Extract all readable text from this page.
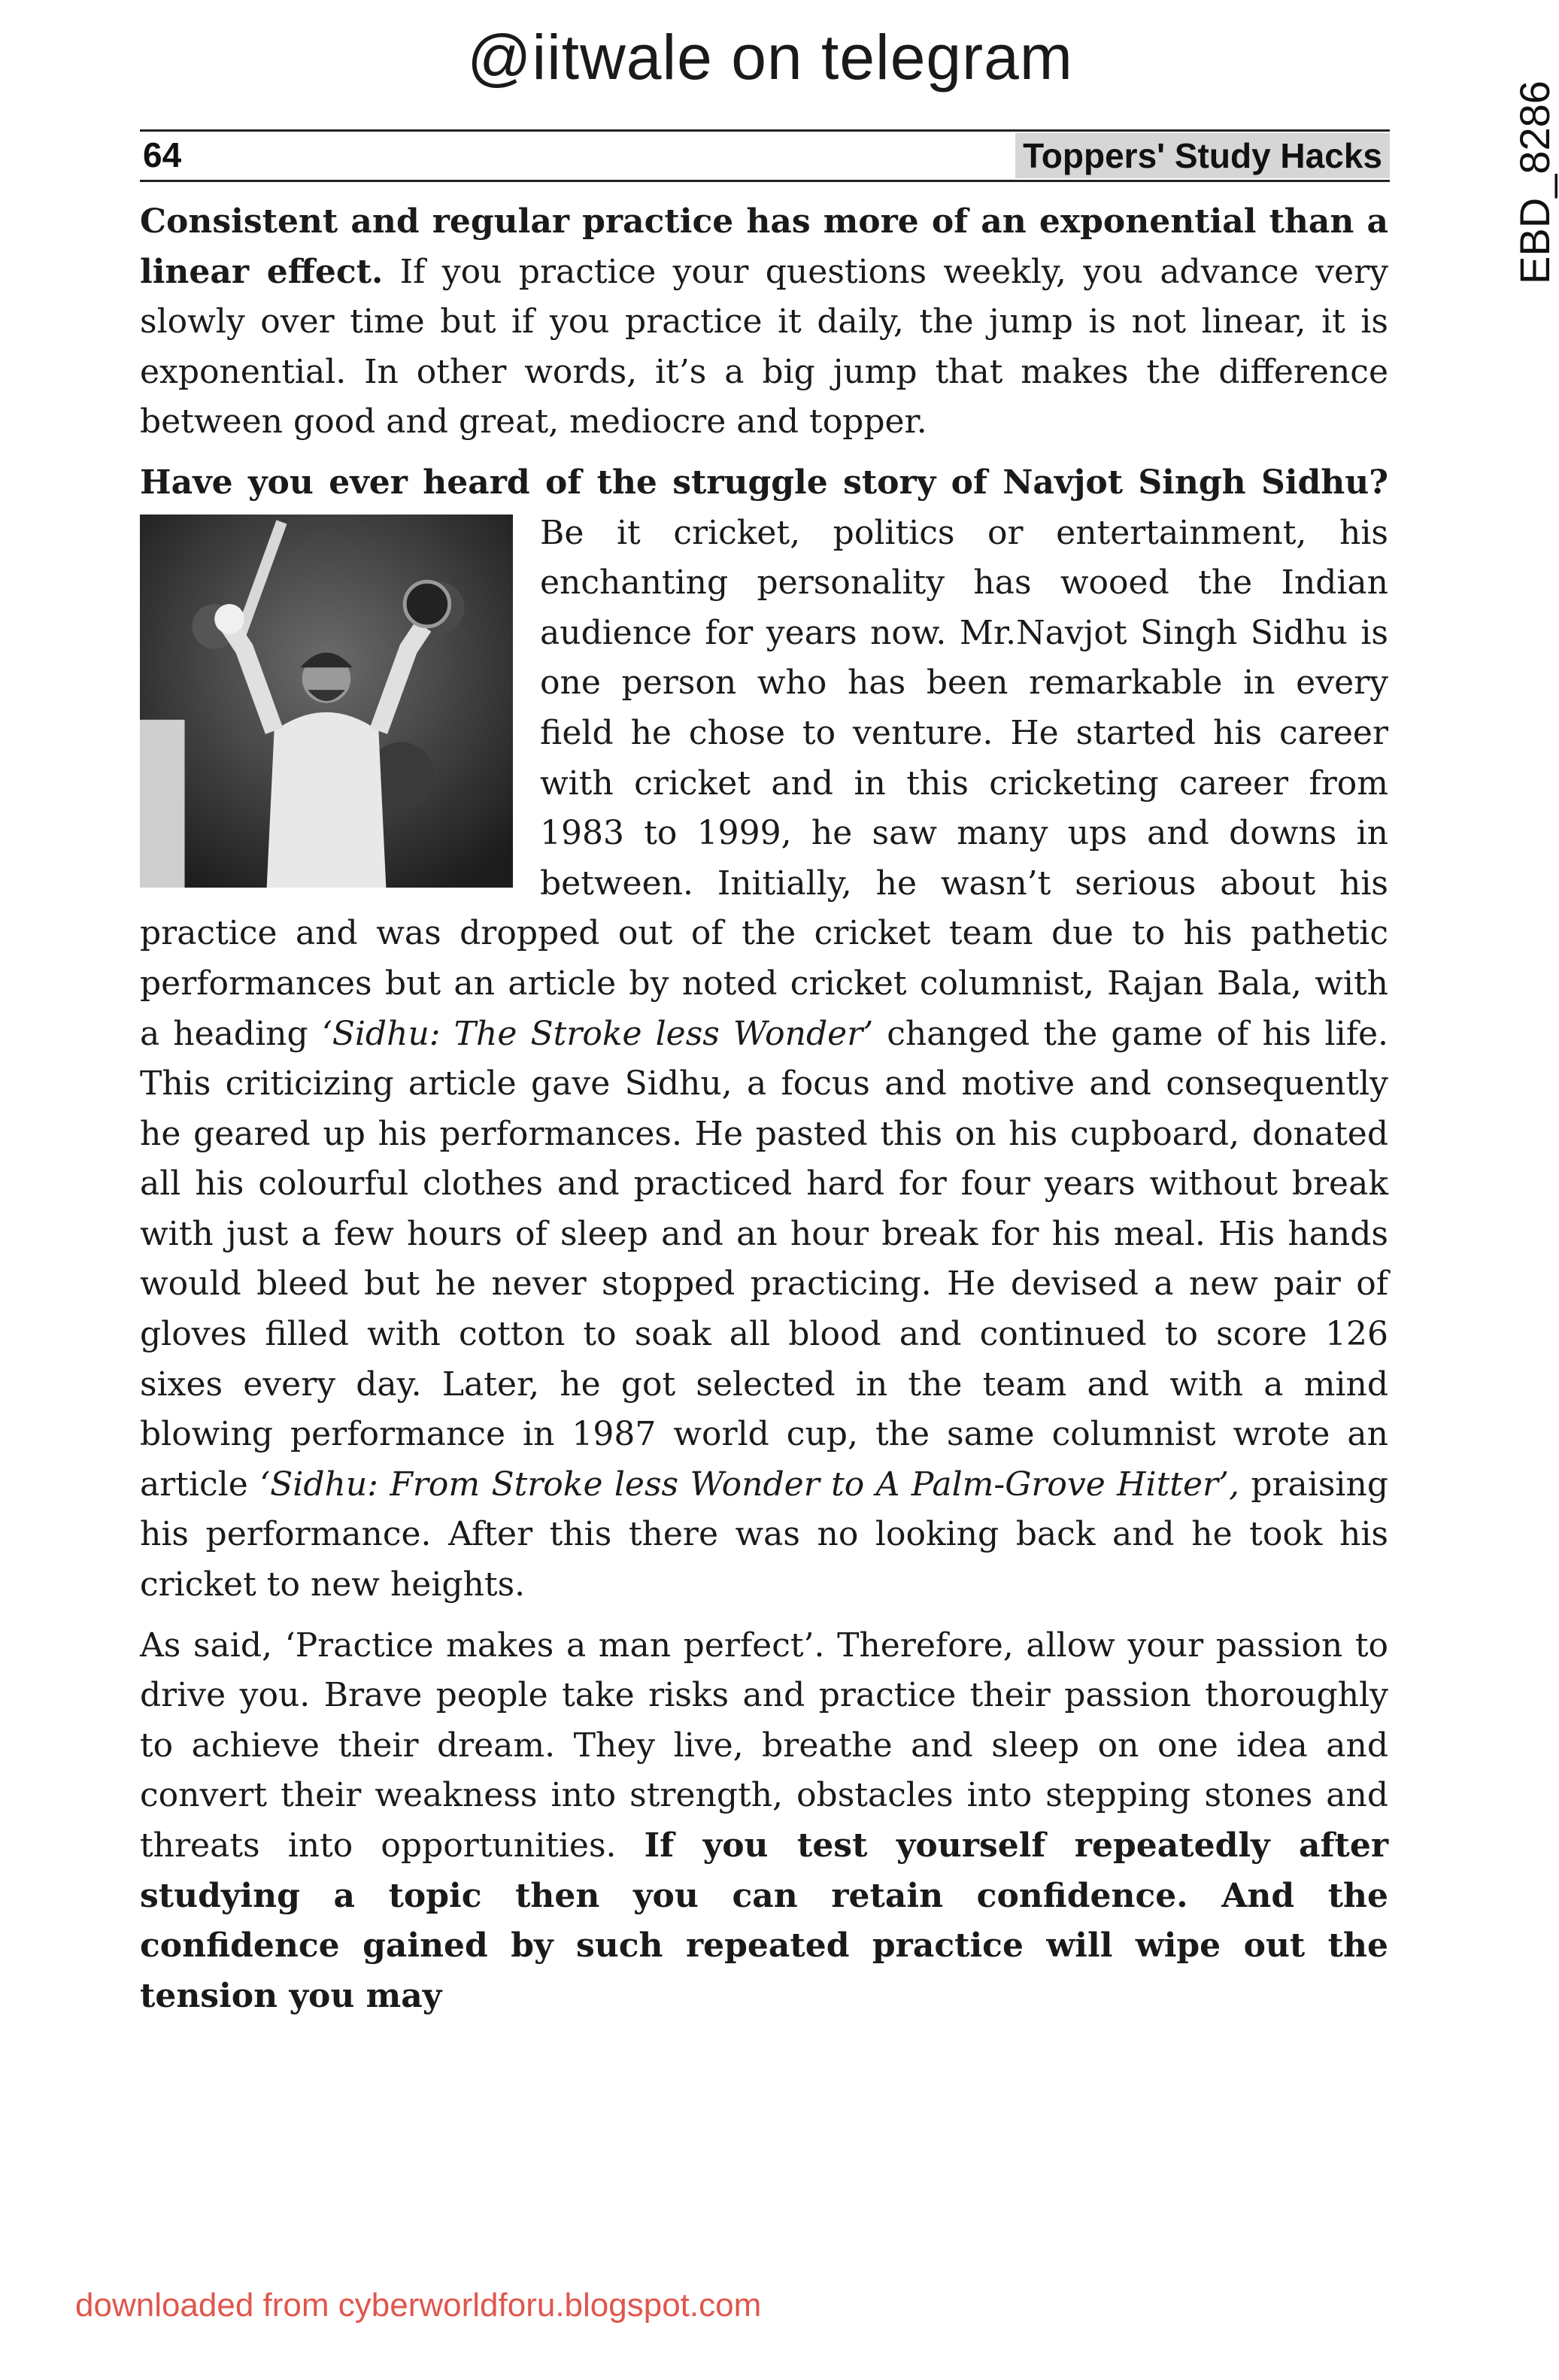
@iitwale on telegram
EBD_8286
64	Toppers' Study Hacks

Consistent and regular practice has more of an exponential than a linear effect. If you practice your questions weekly, you advance very slowly over time but if you practice it daily, the jump is not linear, it is exponential. In other words, it’s a big jump that makes the difference between good and great, mediocre and topper.

Have you ever heard of the struggle story of Navjot Singh Sidhu?
Be it cricket, politics or entertainment, his enchanting personality has wooed the Indian audience for years now. Mr.Navjot Singh Sidhu is one person who has been remarkable in every field he chose to venture. He started his career with cricket and in this cricketing career from 1983 to 1999, he saw many ups and downs in between. Initially, he wasn’t serious about his practice and was dropped out of the cricket team due to his pathetic performances but an article by noted cricket columnist, Rajan Bala, with a heading ‘Sidhu: The Stroke less Wonder’ changed the game of his life. This criticizing article gave Sidhu, a focus and motive and consequently he geared up his performances. He pasted this on his cupboard, donated all his colourful clothes and practiced hard for four years without break with just a few hours of sleep and an hour break for his meal. His hands would bleed but he never stopped practicing. He devised a new pair of gloves filled with cotton to soak all blood and continued to score 126 sixes every day. Later, he got selected in the team and with a mind blowing performance in 1987 world cup, the same columnist wrote an article ‘Sidhu: From Stroke less Wonder to A Palm-Grove Hitter’, praising his performance. After this there was no looking back and he took his cricket to new heights.

As said, ‘Practice makes a man perfect’. Therefore, allow your passion to drive you. Brave people take risks and practice their passion thoroughly to achieve their dream. They live, breathe and sleep on one idea and convert their weakness into strength, obstacles into stepping stones and threats into opportunities. If you test yourself repeatedly after studying a topic then you can retain confidence. And the confidence gained by such repeated practice will wipe out the tension you may

downloaded from cyberworldforu.blogspot.com
